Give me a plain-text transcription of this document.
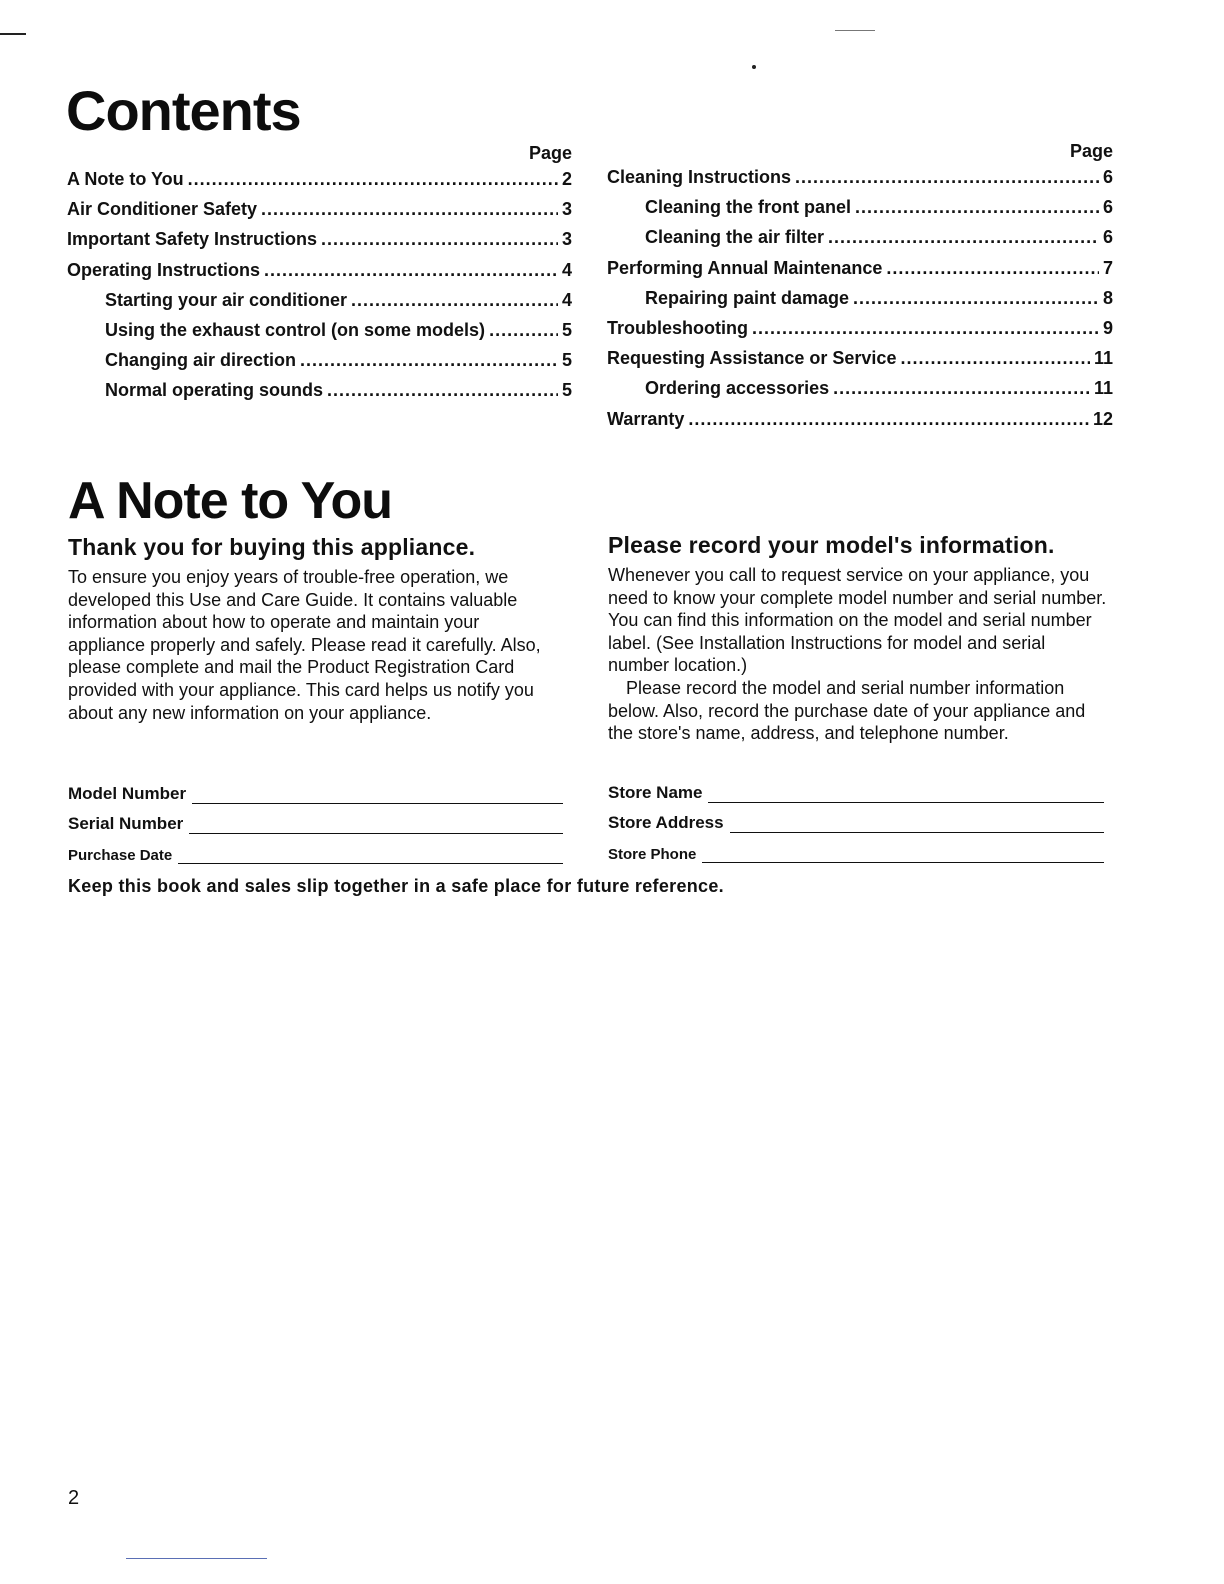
Contents
Page
A Note to You . . .	2
Air Conditioner Safety . . .	3
Important Safety Instructions . . .	3
Operating Instructions . . .	4
Starting your air conditioner . . .	4
Using the exhaust control (on some models) . . .	5
Changing air direction . . .	5
Normal operating sounds . . .	5
Page
Cleaning Instructions . . .	6
Cleaning the front panel . . .	6
Cleaning the air filter . . .	6
Performing Annual Maintenance . . .	7
Repairing paint damage . . .	8
Troubleshooting . . .	9
Requesting Assistance or Service . . .	11
Ordering accessories . . .	11
Warranty . . .	12
A Note to You
Thank you for buying this appliance.

To ensure you enjoy years of trouble-free operation, we developed this Use and Care Guide. It contains valuable information about how to operate and maintain your appliance properly and safely. Please read it carefully. Also, please complete and mail the Product Registration Card provided with your appliance. This card helps us notify you about any new information on your appliance.

Please record your model's information.

Whenever you call to request service on your appliance, you need to know your complete model number and serial number. You can find this information on the model and serial number label. (See Installation Instructions for model and serial number location.)

Please record the model and serial number information below. Also, record the purchase date of your appliance and the store's name, address, and telephone number.

Model Number
Serial Number
Purchase Date
Store Name
Store Address
Store Phone
Keep this book and sales slip together in a safe place for future reference.
2
